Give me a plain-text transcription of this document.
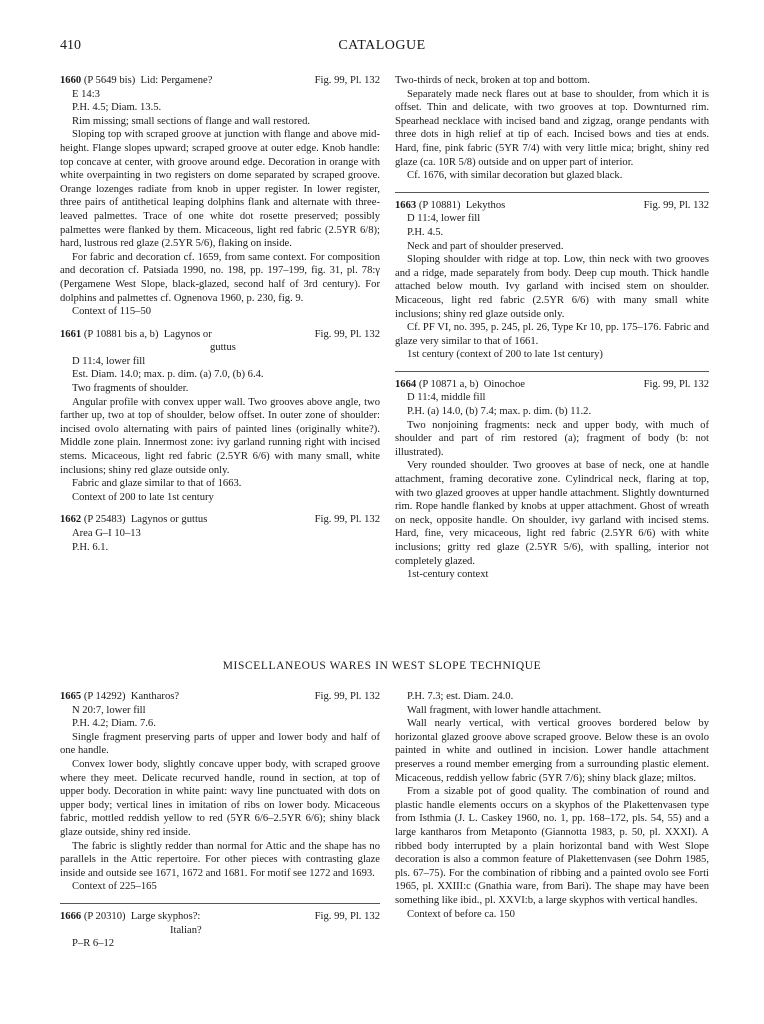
410	CATALOGUE
1660 (P 5649 bis) Lid: Pergamene?	Fig. 99, Pl. 132

E 14:3

P.H. 4.5; Diam. 13.5.

Rim missing; small sections of flange and wall restored.

Sloping top with scraped groove at junction with flange and above mid-height. Flange slopes upward; scraped groove at outer edge. Knob handle: top concave at center, with groove around edge. Decoration in orange with white overpainting in two registers on dome separated by scraped groove. Orange lozenges radiate from knob in upper register. In lower register, three pairs of antithetical leaping dolphins flank and alternate with three-leaved palmettes. Trace of one white dot rosette preserved; possibly palmettes were flanked by them. Micaceous, light red fabric (2.5YR 6/8); hard, lustrous red glaze (2.5YR 5/6), flaking on inside.

For fabric and decoration cf. 1659, from same context. For composition and decoration cf. Patsiada 1990, no. 198, pp. 197–199, fig. 31, pl. 78:γ (Pergamene West Slope, black-glazed, second half of 3rd century). For dolphins and palmettes cf. Ognenova 1960, p. 230, fig. 9.

Context of 115–50

1661 (P 10881 bis a, b) Lagynos or	Fig. 99, Pl. 132

guttus

D 11:4, lower fill

Est. Diam. 14.0; max. p. dim. (a) 7.0, (b) 6.4.

Two fragments of shoulder.

Angular profile with convex upper wall. Two grooves above angle, two farther up, two at top of shoulder, below offset. In outer zone of shoulder: incised ovolo alternating with pairs of painted lines (originally white?). Middle zone plain. Innermost zone: ivy garland running right with incised stems. Micaceous, light red fabric (2.5YR 6/6) with many small, white inclusions; shiny red glaze outside only.

Fabric and glaze similar to that of 1663.

Context of 200 to late 1st century

1662 (P 25483) Lagynos or guttus	Fig. 99, Pl. 132

Area G–I 10–13

P.H. 6.1.

Two-thirds of neck, broken at top and bottom.

Separately made neck flares out at base to shoulder, from which it is offset. Thin and delicate, with two grooves at top. Downturned rim. Spearhead necklace with incised band and zigzag, orange pendants with three dots in high relief at tip of each. Incised bows and ties at ends. Hard, fine, pink fabric (5YR 7/4) with very little mica; bright, shiny red glaze (ca. 10R 5/8) outside and on upper part of interior.

Cf. 1676, with similar decoration but glazed black.

1663 (P 10881) Lekythos	Fig. 99, Pl. 132

D 11:4, lower fill

P.H. 4.5.

Neck and part of shoulder preserved.

Sloping shoulder with ridge at top. Low, thin neck with two grooves and a ridge, made separately from body. Deep cup mouth. Thick handle attached below mouth. Ivy garland with incised stem on shoulder. Micaceous, light red fabric (2.5YR 6/6) with many small white inclusions; shiny red glaze outside only.

Cf. PF VI, no. 395, p. 245, pl. 26, Type Kr 10, pp. 175–176. Fabric and glaze very similar to that of 1661.

1st century (context of 200 to late 1st century)

1664 (P 10871 a, b) Oinochoe	Fig. 99, Pl. 132

D 11:4, middle fill

P.H. (a) 14.0, (b) 7.4; max. p. dim. (b) 11.2.

Two nonjoining fragments: neck and upper body, with much of shoulder and part of rim restored (a); fragment of body (b: not illustrated).

Very rounded shoulder. Two grooves at base of neck, one at handle attachment, framing decorative zone. Cylindrical neck, flaring at top, with two glazed grooves at upper handle attachment. Slightly downturned rim. Rope handle flanked by knobs at upper attachment. Ghost of wreath on neck, opposite handle. On shoulder, ivy garland with incised stems. Hard, fine, very micaceous, light red fabric (2.5YR 6/6) with white inclusions; gritty red glaze (2.5YR 5/6), with spalling, interior not completely glazed.

1st-century context

MISCELLANEOUS WARES IN WEST SLOPE TECHNIQUE
1665 (P 14292) Kantharos?	Fig. 99, Pl. 132

N 20:7, lower fill

P.H. 4.2; Diam. 7.6.

Single fragment preserving parts of upper and lower body and half of one handle.

Convex lower body, slightly concave upper body, with scraped groove where they meet. Delicate recurved handle, round in section, at top of upper body. Decoration in white paint: wavy line punctuated with dots on upper body; vertical lines in imitation of ribs on lower body. Micaceous fabric, mottled reddish yellow to red (5YR 6/6–2.5YR 6/6); shiny black glaze outside, shiny red inside.

The fabric is slightly redder than normal for Attic and the shape has no parallels in the Attic repertoire. For other pieces with contrasting glaze inside and outside see 1671, 1672 and 1681. For motif see 1272 and 1693.

Context of 225–165

1666 (P 20310) Large skyphos?:	Fig. 99, Pl. 132

Italian?

P–R 6–12

P.H. 7.3; est. Diam. 24.0.

Wall fragment, with lower handle attachment.

Wall nearly vertical, with vertical grooves bordered below by horizontal glazed groove above scraped groove. Below these is an ovolo painted in white and outlined in incision. Lower handle attachment preserves a round member emerging from a surrounding plastic element. Micaceous, reddish yellow fabric (5YR 7/6); shiny black glaze; miltos.

From a sizable pot of good quality. The combination of round and plastic handle elements occurs on a skyphos of the Plakettenvasen type from Isthmia (J. L. Caskey 1960, no. 1, pp. 168–172, pls. 54, 55) and a large kantharos from Metaponto (Giannotta 1983, p. 50, pl. XXXI). A ribbed body interrupted by a plain horizontal band with West Slope decoration is also a common feature of Plakettenvasen (see Dohrn 1985, pls. 67–75). For the combination of ribbing and a painted ovolo see Forti 1965, pl. XXIII:c (Gnathia ware, from Bari). The shape may have been something like ibid., pl. XXVI:b, a large skyphos with vertical handles.

Context of before ca. 150
